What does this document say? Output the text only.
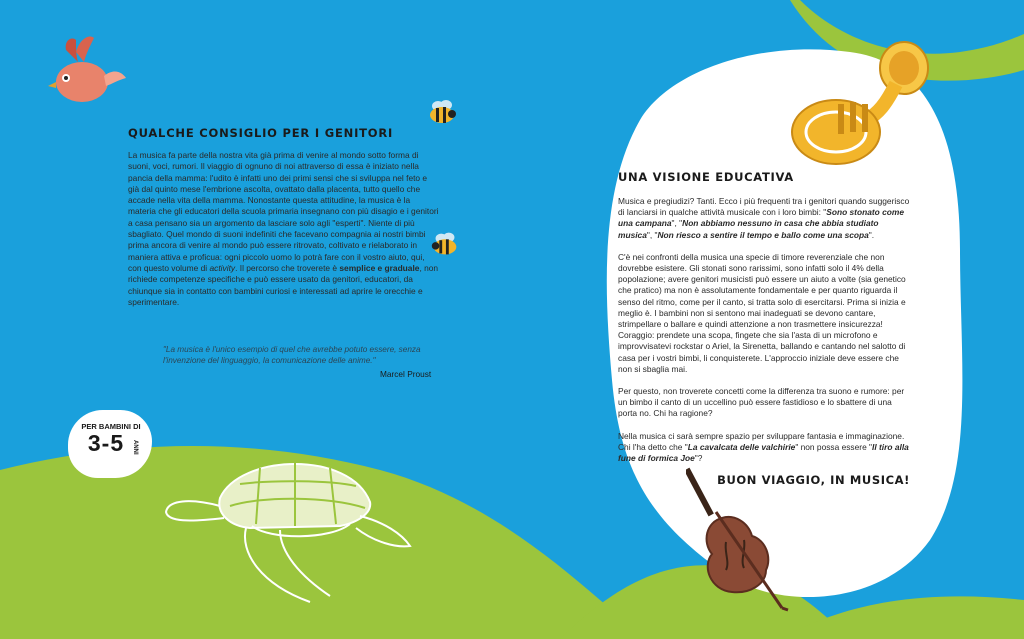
QUALCHE CONSIGLIO PER I GENITORI

La musica fa parte della nostra vita già prima di venire al mondo sotto forma di suoni, voci, rumori. Il viaggio di ognuno di noi attraverso di essa è iniziato nella pancia della mamma: l'udito è infatti uno dei primi sensi che si sviluppa nel feto e già dal quinto mese l'embrione ascolta, ovattato dalla placenta, tutto quello che accade nella vita della mamma. Nonostante questa attitudine, la musica è la materia che gli educatori della scuola primaria insegnano con più disagio e i genitori a casa pensano sia un argomento da lasciare solo agli "esperti". Niente di più sbagliato. Quel mondo di suoni indefiniti che facevano compagnia ai nostri bimbi prima ancora di venire al mondo può essere ritrovato, coltivato e rielaborato in maniera attiva e proficua: ogni piccolo uomo lo potrà fare con il vostro aiuto, qui, con questo volume di activity. Il percorso che troverete è semplice e graduale, non richiede competenze specifiche e può essere usato da genitori, educatori, da chiunque sia in contatto con bambini curiosi e interessati ad aprire le orecchie e sperimentare.

"La musica è l'unico esempio di quel che avrebbe potuto essere, senza l'invenzione del linguaggio, la comunicazione delle anime."
Marcel Proust
PER BAMBINI DI
3-5	ANNI
UNA VISIONE EDUCATIVA

Musica e pregiudizi? Tanti. Ecco i più frequenti tra i genitori quando suggerisco di lanciarsi in qualche attività musicale con i loro bimbi: "Sono stonato come una campana", "Non abbiamo nessuno in casa che abbia studiato musica", "Non riesco a sentire il tempo e ballo come una scopa".

C'è nei confronti della musica una specie di timore reverenziale che non dovrebbe esistere. Gli stonati sono rarissimi, sono infatti solo il 4% della popolazione; avere genitori musicisti può essere un aiuto a volte (sia genetico che pratico) ma non è assolutamente fondamentale e per quanto riguarda il senso del ritmo, come per il canto, si tratta solo di esercitarsi. Prima si inizia e meglio è. I bambini non si sentono mai inadeguati se devono cantare, strimpellare o ballare e quindi attenzione a non trasmettere insicurezza! Coraggio: prendete una scopa, fingete che sia l'asta di un microfono e improvvisatevi rockstar o Ariel, la Sirenetta, ballando e cantando nel salotto di casa per i vostri bimbi, li conquisterete. L'approccio iniziale deve essere che non si sbaglia mai.

Per questo, non troverete concetti come la differenza tra suono e rumore: per un bimbo il canto di un uccellino può essere fastidioso e lo sbattere di una porta no. Chi ha ragione?

Nella musica ci sarà sempre spazio per sviluppare fantasia e immaginazione. Chi l'ha detto che "La cavalcata delle valchirie" non possa essere "Il tiro alla fune di formica Joe"?

BUON VIAGGIO, IN MUSICA!
